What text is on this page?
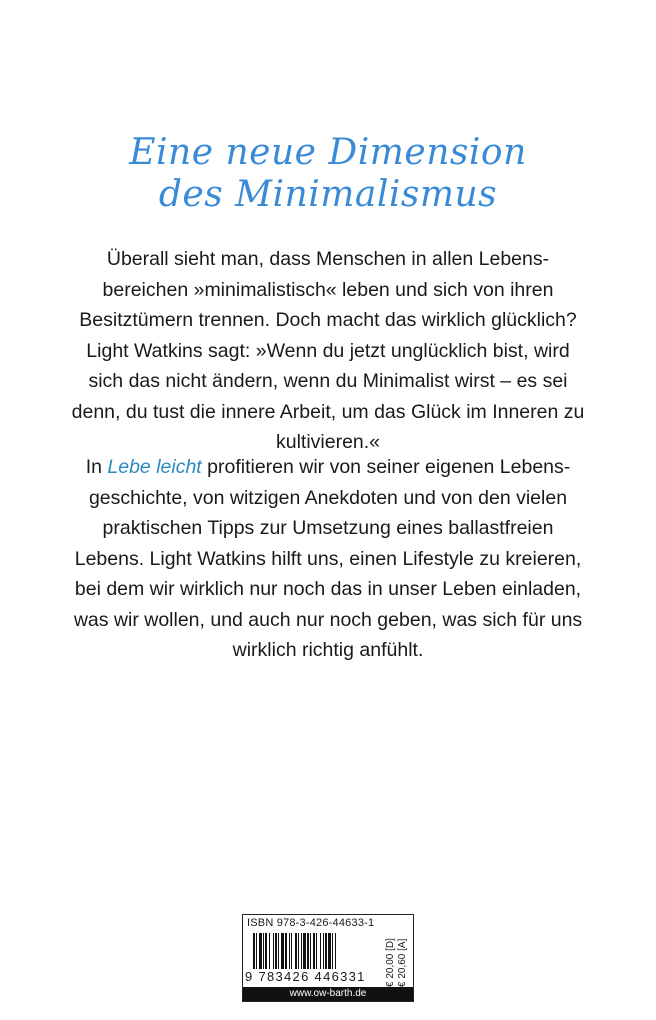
Eine neue Dimension
des Minimalismus

Überall sieht man, dass Menschen in allen Lebensbereichen »minimalistisch« leben und sich von ihren Besitztümern trennen. Doch macht das wirklich glücklich? Light Watkins sagt: »Wenn du jetzt unglücklich bist, wird sich das nicht ändern, wenn du Minimalist wirst – es sei denn, du tust die innere Arbeit, um das Glück im Inneren zu kultivieren.«

In Lebe leicht profitieren wir von seiner eigenen Lebensgeschichte, von witzigen Anekdoten und von den vielen praktischen Tipps zur Umsetzung eines ballastfreien Lebens. Light Watkins hilft uns, einen Lifestyle zu kreieren, bei dem wir wirklich nur noch das in unser Leben einladen, was wir wollen, und auch nur noch geben, was sich für uns wirklich richtig anfühlt.

ISBN 978-3-426-44633-1
9 783426 446331 € 20,00 [D] € 20,60 [A]
www.ow-barth.de
